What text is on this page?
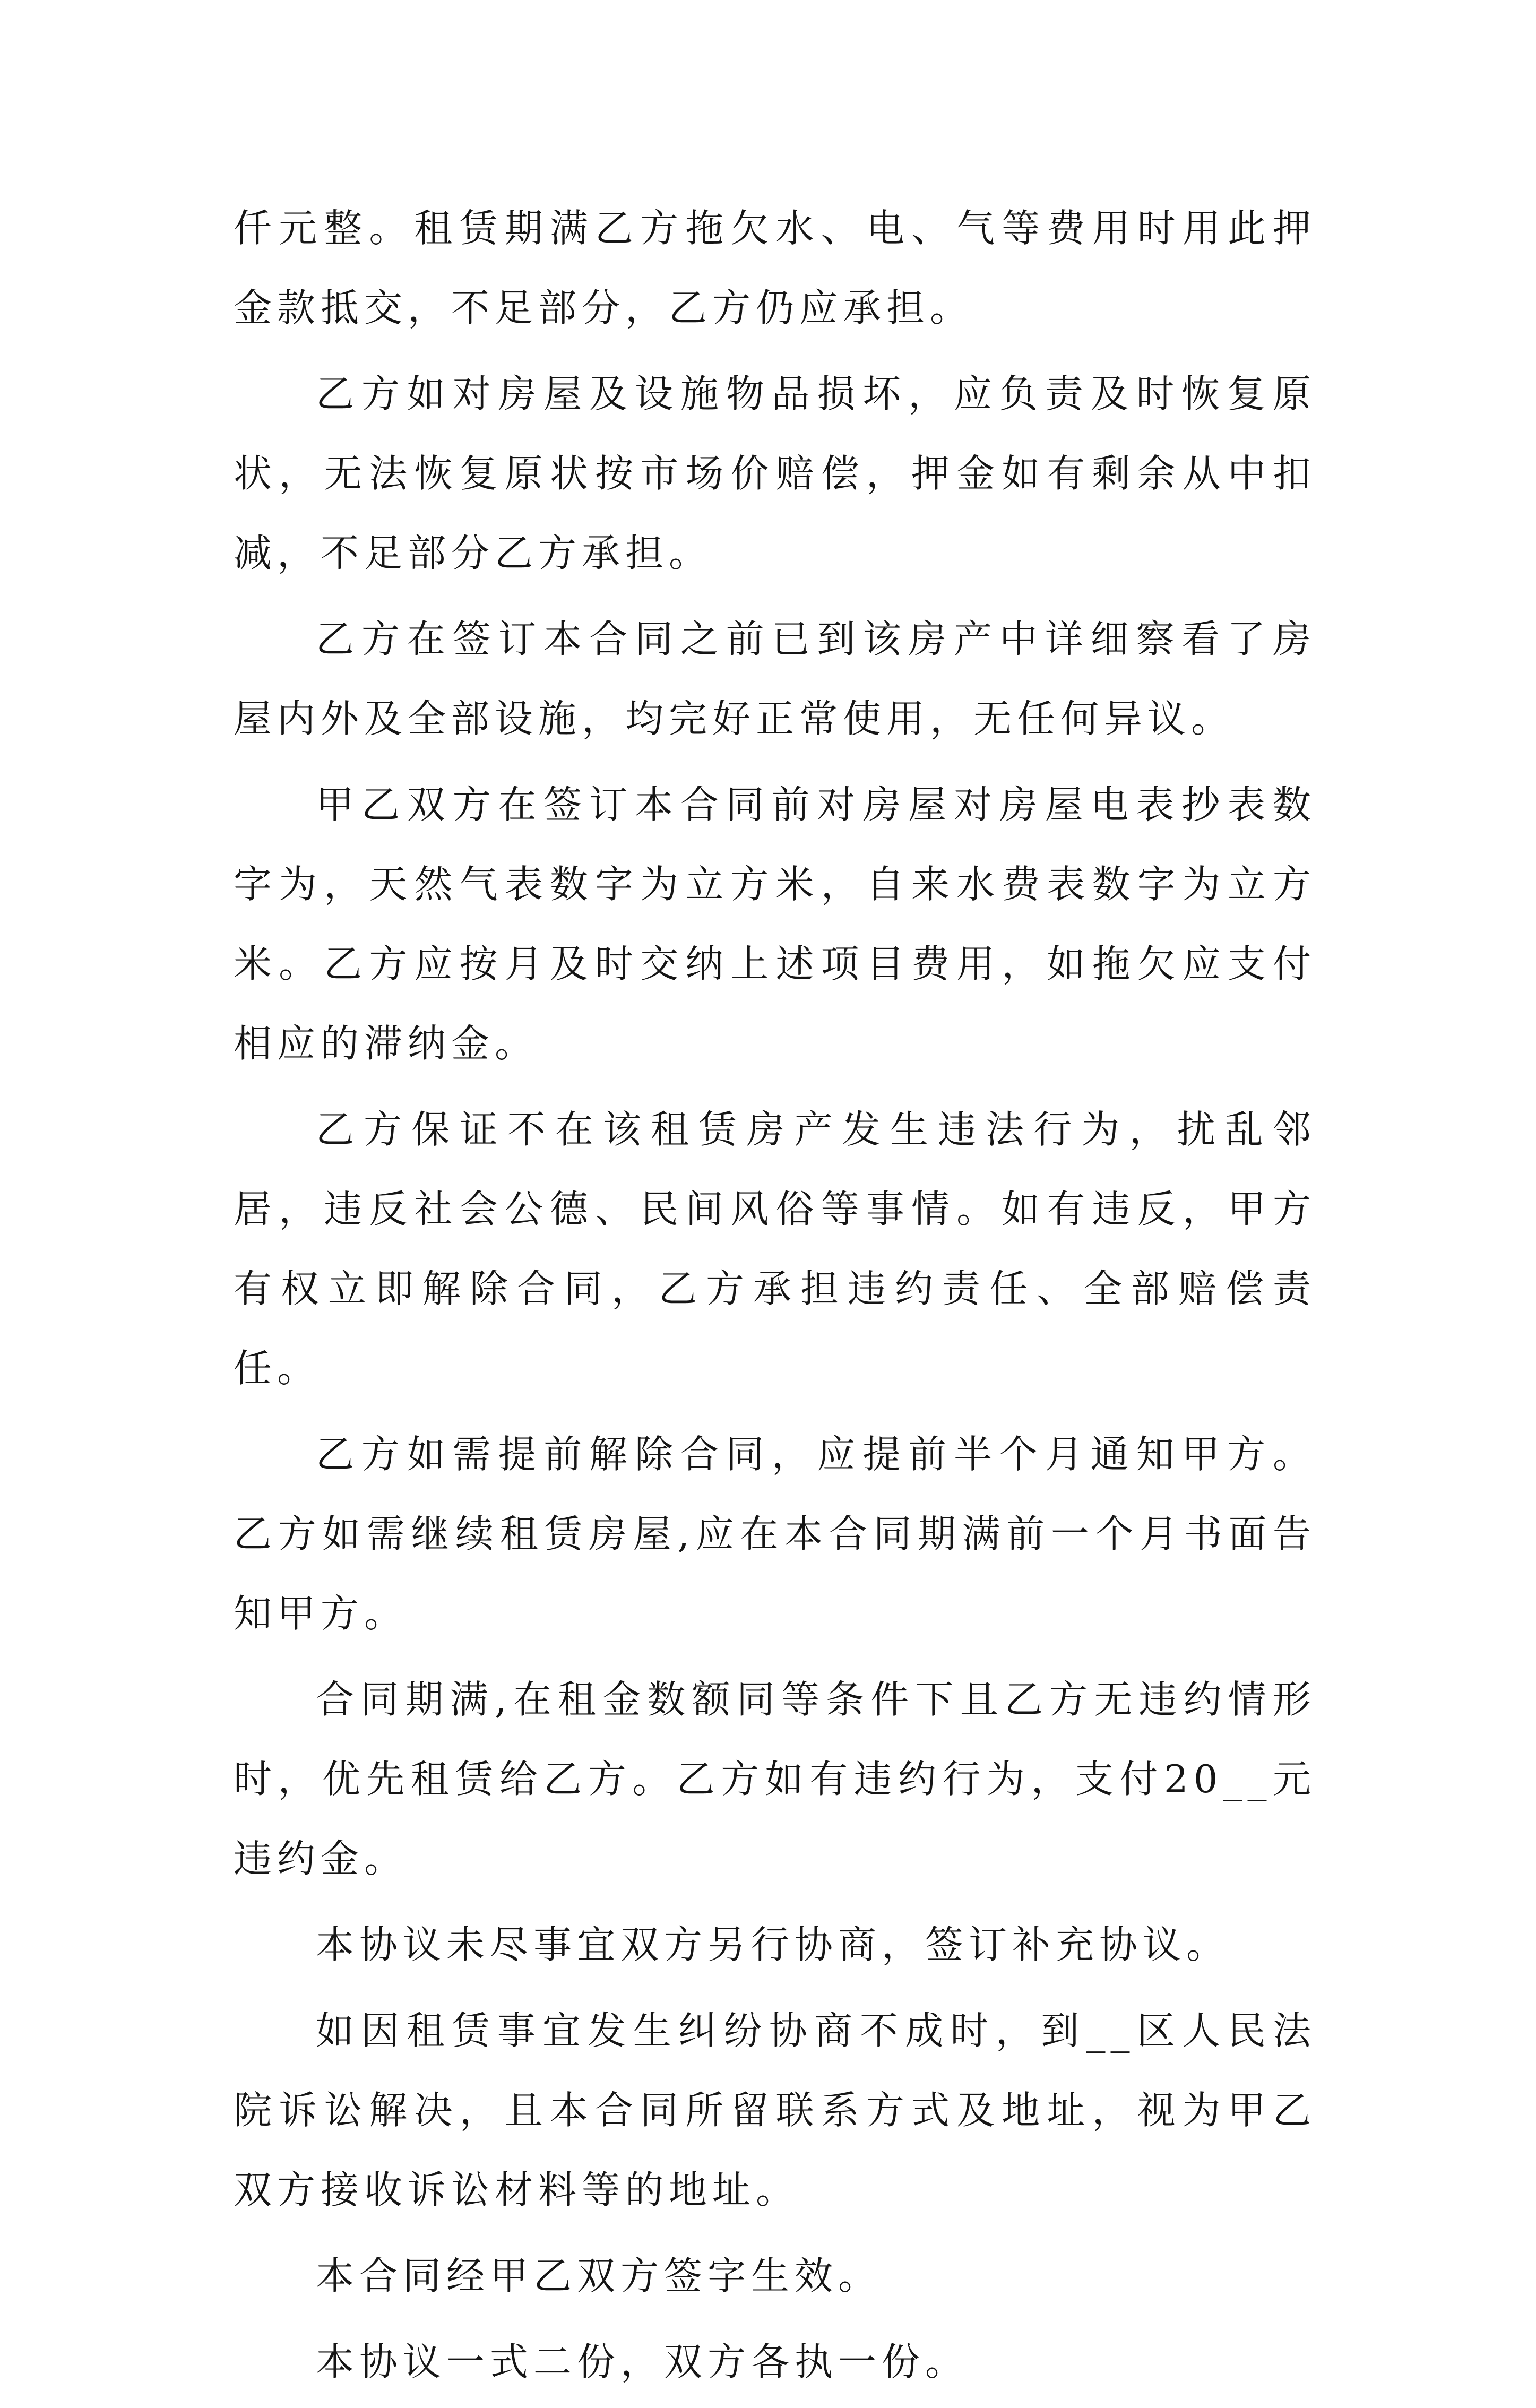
仟元整。租赁期满乙方拖欠水、电、气等费用时用此押金款抵交，不足部分，乙方仍应承担。

乙方如对房屋及设施物品损坏，应负责及时恢复原状，无法恢复原状按市场价赔偿，押金如有剩余从中扣减，不足部分乙方承担。

乙方在签订本合同之前已到该房产中详细察看了房屋内外及全部设施，均完好正常使用，无任何异议。

甲乙双方在签订本合同前对房屋对房屋电表抄表数字为，天然气表数字为立方米，自来水费表数字为立方米。乙方应按月及时交纳上述项目费用，如拖欠应支付相应的滞纳金。

乙方保证不在该租赁房产发生违法行为，扰乱邻居，违反社会公德、民间风俗等事情。如有违反，甲方有权立即解除合同，乙方承担违约责任、全部赔偿责任。

乙方如需提前解除合同，应提前半个月通知甲方。乙方如需继续租赁房屋,应在本合同期满前一个月书面告知甲方。

合同期满,在租金数额同等条件下且乙方无违约情形时，优先租赁给乙方。乙方如有违约行为，支付20__元违约金。

本协议未尽事宜双方另行协商，签订补充协议。

如因租赁事宜发生纠纷协商不成时，到__区人民法院诉讼解决，且本合同所留联系方式及地址，视为甲乙双方接收诉讼材料等的地址。

本合同经甲乙双方签字生效。

本协议一式二份，双方各执一份。
